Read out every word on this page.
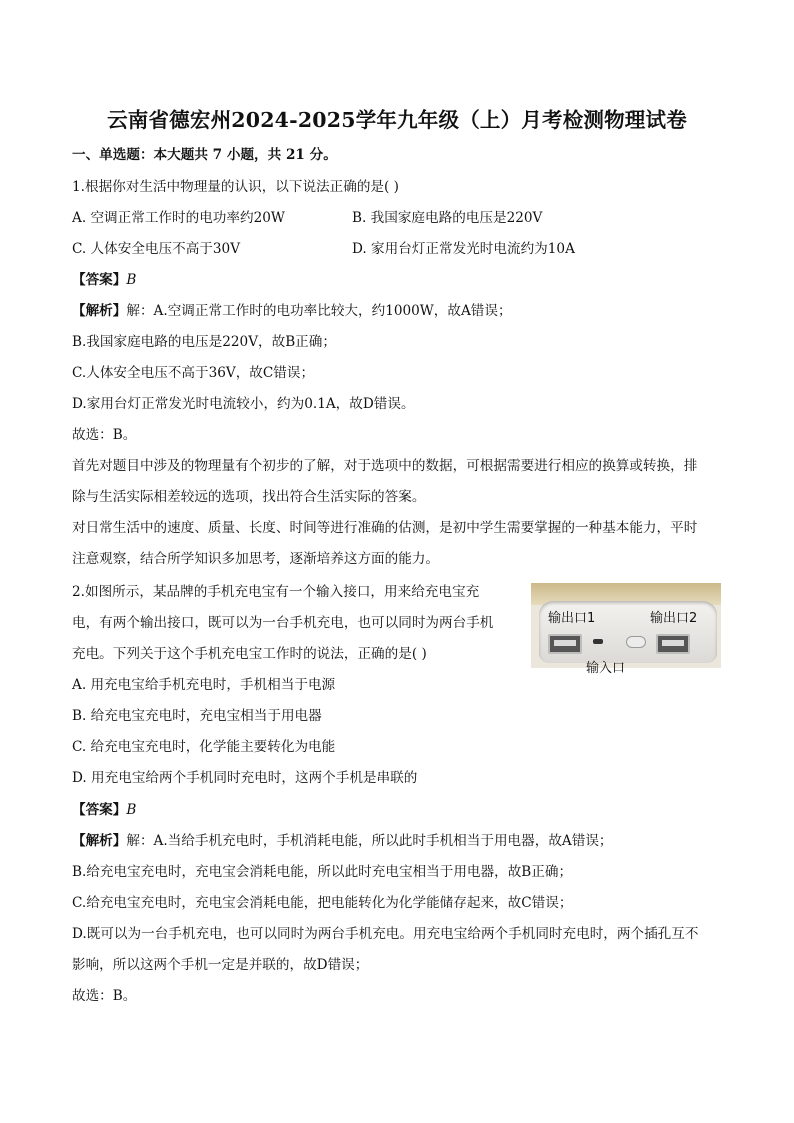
云南省德宏州2024-2025学年九年级（上）月考检测物理试卷
一、单选题：本大题共 7 小题，共 21 分。
1.根据你对生活中物理量的认识，以下说法正确的是( )
A. 空调正常工作时的电功率约20W	B. 我国家庭电路的电压是220V
C. 人体安全电压不高于30V	D. 家用台灯正常发光时电流约为10A
【答案】B
【解析】解：A.空调正常工作时的电功率比较大，约1000W，故A错误；
B.我国家庭电路的电压是220V，故B正确；
C.人体安全电压不高于36V，故C错误；
D.家用台灯正常发光时电流较小，约为0.1A，故D错误。
故选：B。
首先对题目中涉及的物理量有个初步的了解，对于选项中的数据，可根据需要进行相应的换算或转换，排
除与生活实际相差较远的选项，找出符合生活实际的答案。
对日常生活中的速度、质量、长度、时间等进行准确的估测，是初中学生需要掌握的一种基本能力，平时
注意观察，结合所学知识多加思考，逐渐培养这方面的能力。
2.如图所示，某品牌的手机充电宝有一个输入接口，用来给充电宝充
电，有两个输出接口，既可以为一台手机充电，也可以同时为两台手机
充电。下列关于这个手机充电宝工作时的说法，正确的是( )
输出口1	输出口2
输入口
A. 用充电宝给手机充电时，手机相当于电源
B. 给充电宝充电时，充电宝相当于用电器
C. 给充电宝充电时，化学能主要转化为电能
D. 用充电宝给两个手机同时充电时，这两个手机是串联的
【答案】B
【解析】解：A.当给手机充电时，手机消耗电能，所以此时手机相当于用电器，故A错误；
B.给充电宝充电时，充电宝会消耗电能，所以此时充电宝相当于用电器，故B正确；
C.给充电宝充电时，充电宝会消耗电能，把电能转化为化学能储存起来，故C错误；
D.既可以为一台手机充电，也可以同时为两台手机充电。用充电宝给两个手机同时充电时，两个插孔互不
影响，所以这两个手机一定是并联的，故D错误；
故选：B。
